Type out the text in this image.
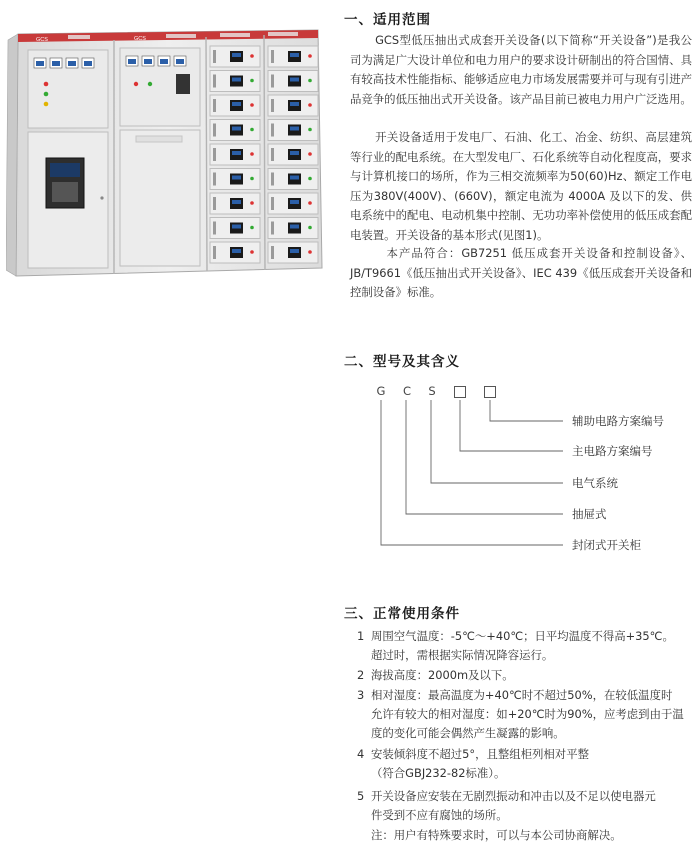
GCS	GCS
一、适用范围

GCS型低压抽出式成套开关设备(以下简称“开关设备”)是我公司为满足广大设计单位和电力用户的要求设计研制出的符合国情、具有较高技术性能指标、能够适应电力市场发展需要并可与现有引进产品竞争的低压抽出式开关设备。该产品目前已被电力用户广泛选用。

开关设备适用于发电厂、石油、化工、冶金、纺织、高层建筑等行业的配电系统。在大型发电厂、石化系统等自动化程度高，要求与计算机接口的场所，作为三相交流频率为50(60)Hz、额定工作电压为380V(400V)、(660V)，额定电流为 4000A 及以下的发、供电系统中的配电、电动机集中控制、无功功率补偿使用的低压成套配电装置。开关设备的基本形式(见图1)。

本产品符合：GB7251 低压成套开关设备和控制设备》、JB/T9661《低压抽出式开关设备》、IEC 439《低压成套开关设备和控制设备》标准。

二、型号及其含义
G C S
辅助电路方案编号
主电路方案编号
电气系统
抽屉式
封闭式开关柜
三、正常使用条件

1 周围空气温度：-5℃～+40℃；日平均温度不得高+35℃。
超过时，需根据实际情况降容运行。

2 海拔高度：2000m及以下。

3 相对湿度：最高温度为+40℃时不超过50%，在较低温度时
允许有较大的相对湿度：如+20℃时为90%，应考虑到由于温度的变化可能会偶然产生凝露的影响。

4 安装倾斜度不超过5°，且整组柜列相对平整
（符合GBJ232-82标准）。

5 开关设备应安装在无剧烈振动和冲击以及不足以使电器元
件受到不应有腐蚀的场所。

注：用户有特殊要求时，可以与本公司协商解决。
